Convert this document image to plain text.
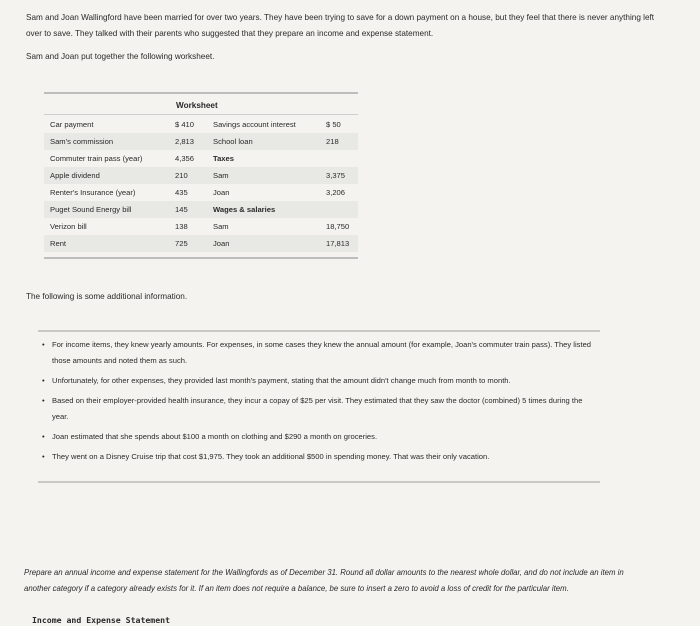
Sam and Joan Wallingford have been married for over two years. They have been trying to save for a down payment on a house, but they feel that there is never anything left over to save. They talked with their parents who suggested that they prepare an income and expense statement.
Sam and Joan put together the following worksheet.
Worksheet
Car payment	$ 410 Savings account interest	$ 50
Sam's commission	2,813 School loan	218
Commuter train pass (year)	4,356 Taxes
Apple dividend	210	Sam	3,375
Renter's Insurance (year)	435	Joan	3,206
Puget Sound Energy bill	145	Wages & salaries
Verizon bill	138	Sam	18,750
Rent	725	Joan	17,813
The following is some additional information.
• For income items, they knew yearly amounts. For expenses, in some cases they knew the annual amount (for example, Joan's commuter train pass). They listed those amounts and noted them as such.
• Unfortunately, for other expenses, they provided last month's payment, stating that the amount didn't change much from month to month.
• Based on their employer-provided health insurance, they incur a copay of $25 per visit. They estimated that they saw the doctor (combined) 5 times during the year.
• Joan estimated that she spends about $100 a month on clothing and $290 a month on groceries.
• They went on a Disney Cruise trip that cost $1,975. They took an additional $500 in spending money. That was their only vacation.
Prepare an annual income and expense statement for the Wallingfords as of December 31. Round all dollar amounts to the nearest whole dollar, and do not include an item in another category if a category already exists for it. If an item does not require a balance, be sure to insert a zero to avoid a loss of credit for the particular item.
Income and Expense Statement
